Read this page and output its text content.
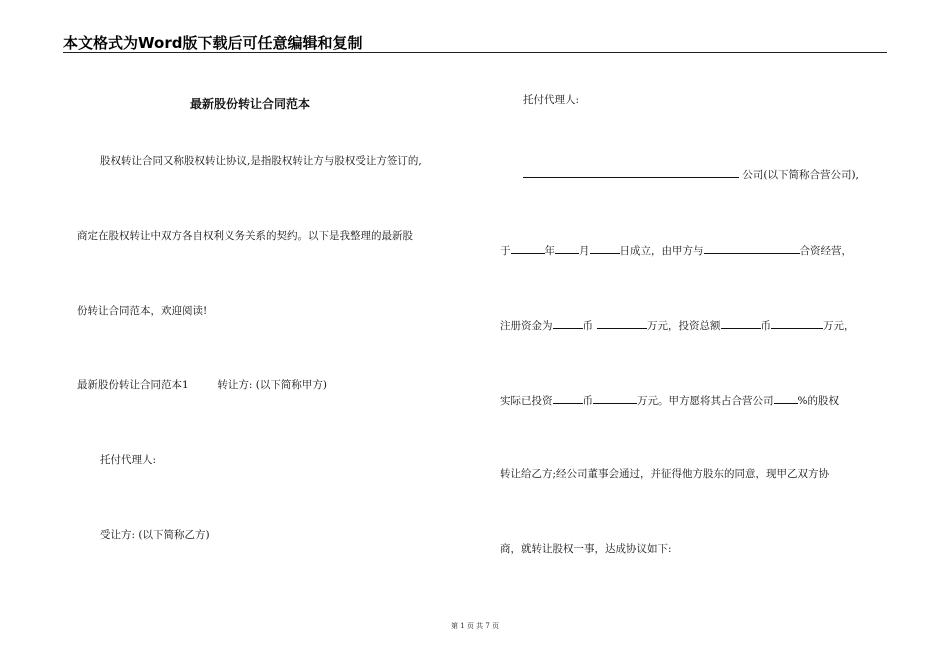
本文格式为Word版下载后可任意编辑和复制
最新股份转让合同范本
股权转让合同又称股权转让协议,是指股权转让方与股权受让方签订的,
商定在股权转让中双方各自权利义务关系的契约。以下是我整理的最新股
份转让合同范本，欢迎阅读!
最新股份转让合同范本1	转让方: (以下简称甲方)
托付代理人:
受让方: (以下简称乙方)
托付代理人:
公司(以下简称合营公司),
于	年 月	日成立，由甲方与	合资经营，
注册资金为	币	万元，投资总额	币	万元，
实际已投资	币	万元。甲方愿将其占合营公司 %的股权
转让给乙方;经公司董事会通过，并征得他方股东的同意，现甲乙双方协
商，就转让股权一事，达成协议如下:
第 1 页 共 7 页
